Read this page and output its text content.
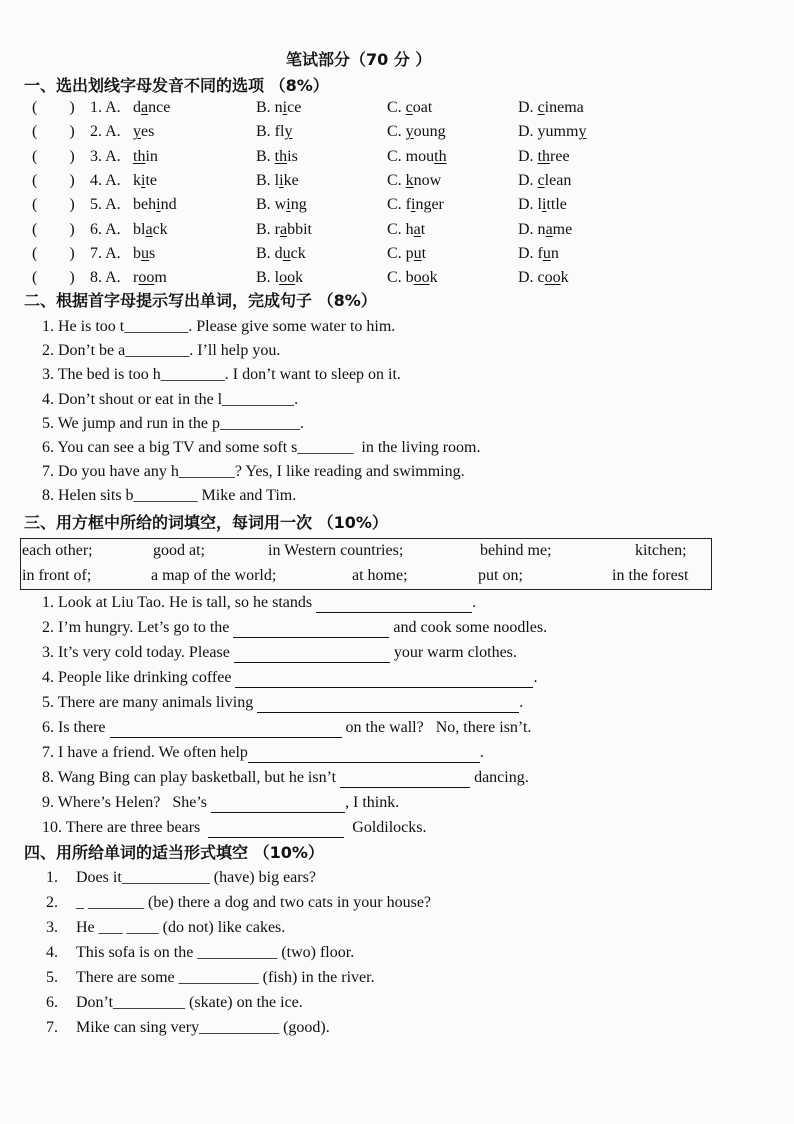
笔试部分（70 分 ）
一、选出划线字母发音不同的选项 （8%）
(        ) 1. A. dance	B. nice	C. coat	D. cinema
(        ) 2. A. yes	B. fly	C. young	D. yummy
(        ) 3. A. thin	B. this	C. mouth	D. three
(        ) 4. A. kite	B. like	C. know	D. clean
(        ) 5. A. behind	B. wing	C. finger	D. little
(        ) 6. A. black	B. rabbit	C. hat	D. name
(        ) 7. A. bus	B. duck	C. put	D. fun
(        ) 8. A. room	B. look	C. book	D. cook
二、根据首字母提示写出单词，完成句子 （8%）
1. He is too t________. Please give some water to him.
2. Don’t be a________. I’ll help you.
3. The bed is too h________. I don’t want to sleep on it.
4. Don’t shout or eat in the l_________.
5. We jump and run in the p__________.
6. You can see a big TV and some soft s_______  in the living room.
7. Do you have any h_______? Yes, I like reading and swimming.
8. Helen sits b________ Mike and Tim.
三、用方框中所给的词填空，每词用一次 （10%）
each other;	good at;	in Western countries;	behind me;	kitchen;
in front of;	a map of the world;	at home;	put on;	in the forest
1. Look at Liu Tao. He is tall, so he stands	.
2. I’m hungry. Let’s go to the	and cook some noodles.
3. It’s very cold today. Please	your warm clothes.
4. People like drinking coffee	.
5. There are many animals living	.
6. Is there	on the wall?   No, there isn’t.
7. I have a friend. We often help	.
8. Wang Bing can play basketball, but he isn’t	dancing.
9. Where’s Helen?   She’s	, I think.
10. There are three bears	Goldilocks.
四、用所给单词的适当形式填空 （10%）
1. Does it___________ (have) big ears?
2. _ _______ (be) there a dog and two cats in your house?
3. He ___ ____ (do not) like cakes.
4. This sofa is on the __________ (two) floor.
5. There are some __________ (fish) in the river.
6. Don’t_________ (skate) on the ice.
7. Mike can sing very__________ (good).
